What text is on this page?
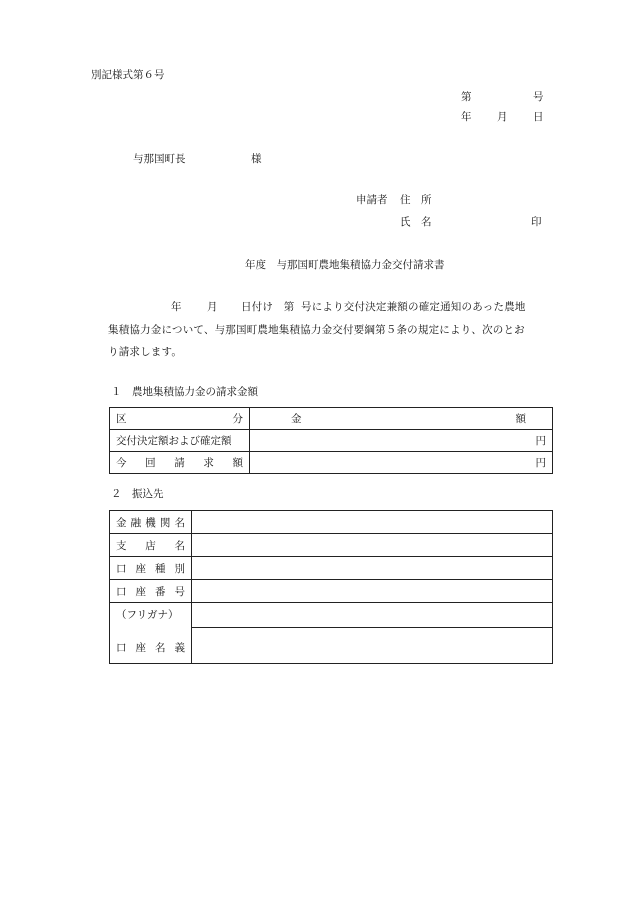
別記様式第６号
第	号
年 月 日
与那国町長	様
申請者 住　所
氏　名	印
年度　与那国町農地集積協力金交付請求書
年 月 日付け　第 号により交付決定兼額の確定通知のあった農地
集積協力金について、与那国町農地集積協力金交付要綱第５条の規定により、次のとお
り請求します。
１　農地集積協力金の請求金額
区 分	金 額

交付決定額および確定額	円

今 回 請 求 額	円
２　振込先
金 融 機 関 名	

支 店 名	

口 座 種 別	

口 座 番 号	

（フリガナ）
口 座 名 義	
